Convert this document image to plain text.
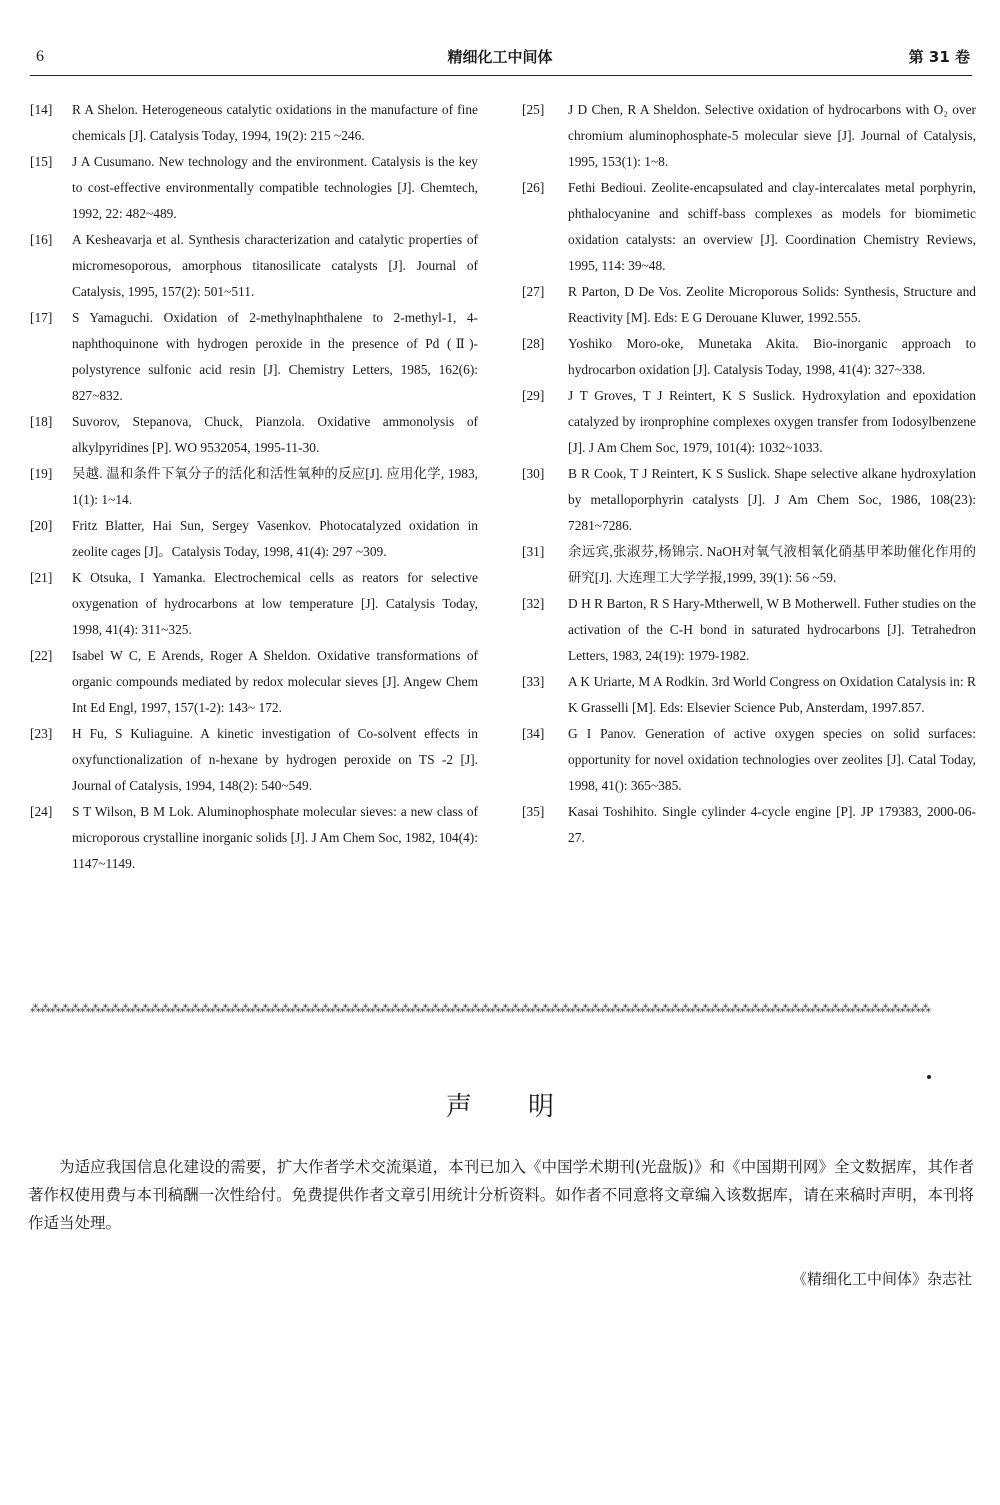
6	精细化工中间体	第 31 卷
[14]	R A Shelon. Heterogeneous catalytic oxidations in the manufacture of fine chemicals [J]. Catalysis Today, 1994, 19(2): 215 ~246.
[15]	J A Cusumano. New technology and the environment. Catalysis is the key to cost-effective environmentally compatible technologies [J]. Chemtech, 1992, 22: 482~489.
[16]	A Kesheavarja et al. Synthesis characterization and catalytic properties of micromesoporous, amorphous titanosilicate catalysts [J]. Journal of Catalysis, 1995, 157(2): 501~511.
[17]	S Yamaguchi. Oxidation of 2-methylnaphthalene to 2-methyl-1, 4-naphthoquinone with hydrogen peroxide in the presence of Pd (Ⅱ)-polystyrence sulfonic acid resin [J]. Chemistry Letters, 1985, 162(6): 827~832.
[18]	Suvorov, Stepanova, Chuck, Pianzola. Oxidative ammonolysis of alkylpyridines [P]. WO 9532054, 1995-11-30.
[19]	吴越. 温和条件下氧分子的活化和活性氧种的反应[J]. 应用化学, 1983, 1(1): 1~14.
[20]	Fritz Blatter, Hai Sun, Sergey Vasenkov. Photocatalyzed oxidation in zeolite cages [J]。Catalysis Today, 1998, 41(4): 297 ~309.
[21]	K Otsuka, I Yamanka. Electrochemical cells as reators for selective oxygenation of hydrocarbons at low temperature [J]. Catalysis Today, 1998, 41(4): 311~325.
[22]	Isabel W C, E Arends, Roger A Sheldon. Oxidative transformations of organic compounds mediated by redox molecular sieves [J]. Angew Chem Int Ed Engl, 1997, 157(1-2): 143~ 172.
[23]	H Fu, S Kuliaguine. A kinetic investigation of Co-solvent effects in oxyfunctionalization of n-hexane by hydrogen peroxide on TS -2 [J]. Journal of Catalysis, 1994, 148(2): 540~549.
[24]	S T Wilson, B M Lok. Aluminophosphate molecular sieves: a new class of microporous crystalline inorganic solids [J]. J Am Chem Soc, 1982, 104(4): 1147~1149.
[25]	J D Chen, R A Sheldon. Selective oxidation of hydrocarbons with O₂ over chromium aluminophosphate-5 molecular sieve [J]. Journal of Catalysis, 1995, 153(1): 1~8.
[26]	Fethi Bedioui. Zeolite-encapsulated and clay-intercalates metal porphyrin, phthalocyanine and schiff-bass complexes as models for biomimetic oxidation catalysts: an overview [J]. Coordination Chemistry Reviews, 1995, 114: 39~48.
[27]	R Parton, D De Vos. Zeolite Microporous Solids: Synthesis, Structure and Reactivity [M]. Eds: E G Derouane Kluwer, 1992.555.
[28]	Yoshiko Moro-oke, Munetaka Akita. Bio-inorganic approach to hydrocarbon oxidation [J]. Catalysis Today, 1998, 41(4): 327~338.
[29]	J T Groves, T J Reintert, K S Suslick. Hydroxylation and epoxidation catalyzed by ironprophine complexes oxygen transfer from Iodosylbenzene [J]. J Am Chem Soc, 1979, 101(4): 1032~1033.
[30]	B R Cook, T J Reintert, K S Suslick. Shape selective alkane hydroxylation by metalloporphyrin catalysts [J]. J Am Chem Soc, 1986, 108(23): 7281~7286.
[31]	余远宾,张淑芬,杨锦宗. NaOH对氧气液相氧化硝基甲苯助催化作用的研究[J]. 大连理工大学学报,1999, 39(1): 56 ~59.
[32]	D H R Barton, R S Hary-Mtherwell, W B Motherwell. Futher studies on the activation of the C-H bond in saturated hydrocarbons [J]. Tetrahedron Letters, 1983, 24(19): 1979-1982.
[33]	A K Uriarte, M A Rodkin. 3rd World Congress on Oxidation Catalysis in: R K Grasselli [M]. Eds: Elsevier Science Pub, Ansterdam, 1997.857.
[34]	G I Panov. Generation of active oxygen species on solid surfaces: opportunity for novel oxidation technologies over zeolites [J]. Catal Today, 1998, 41(): 365~385.
[35]	Kasai Toshihito. Single cylinder 4-cycle engine [P]. JP 179383, 2000-06-27.
⁂⁂⁂⁂⁂⁂⁂⁂⁂⁂⁂⁂⁂⁂⁂⁂⁂⁂⁂⁂⁂⁂⁂⁂⁂⁂⁂⁂⁂⁂⁂⁂⁂⁂⁂⁂⁂⁂⁂⁂⁂⁂⁂⁂⁂⁂⁂⁂⁂⁂⁂⁂⁂⁂⁂⁂⁂⁂⁂⁂⁂⁂⁂⁂⁂⁂⁂⁂⁂⁂⁂⁂⁂⁂⁂⁂⁂⁂⁂⁂⁂⁂⁂⁂⁂⁂⁂⁂⁂⁂
声明
为适应我国信息化建设的需要，扩大作者学术交流渠道，本刊已加入《中国学术期刊(光盘版)》和《中国期刊网》全文数据库，其作者著作权使用费与本刊稿酬一次性给付。免费提供作者文章引用统计分析资料。如作者不同意将文章编入该数据库，请在来稿时声明，本刊将作适当处理。
《精细化工中间体》杂志社
